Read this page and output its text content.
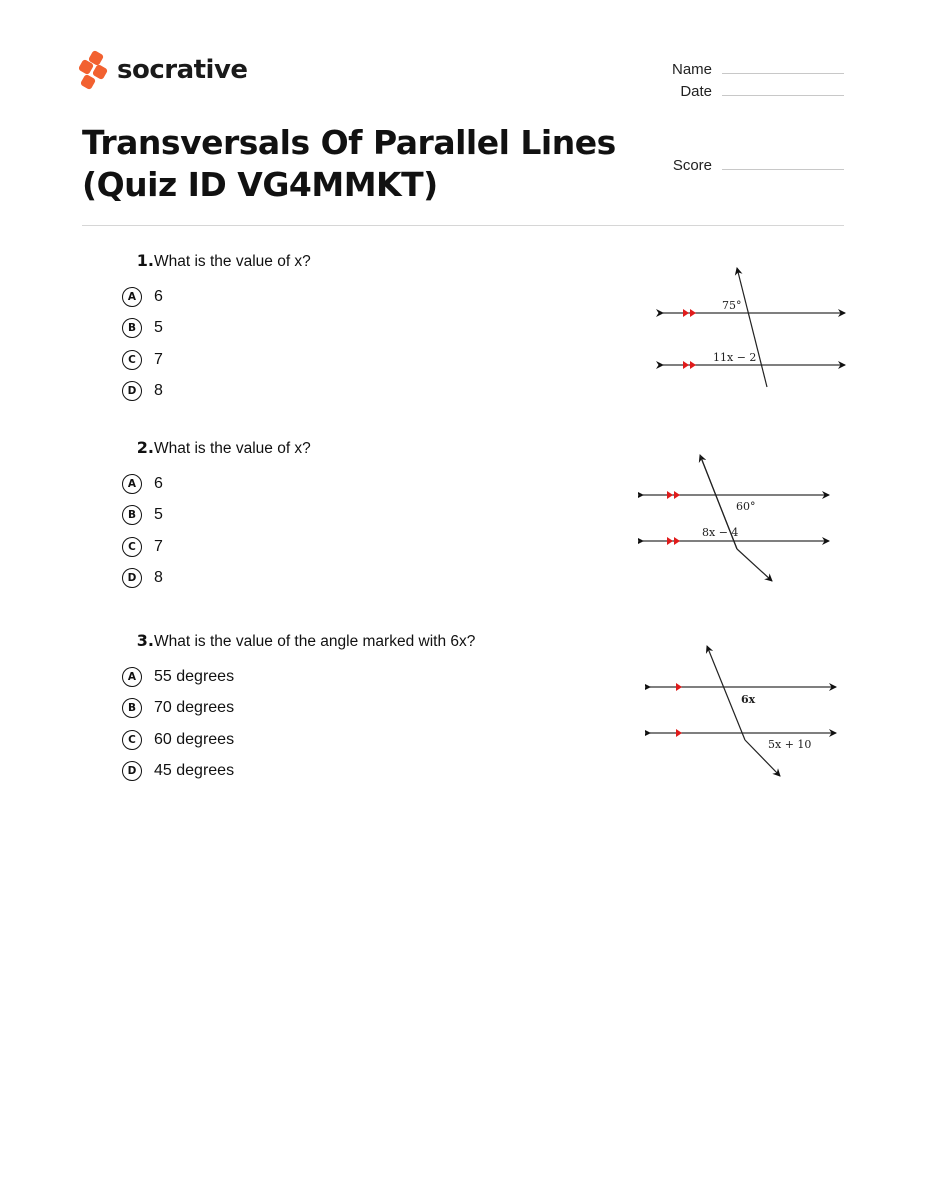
socrative	Name
Date
Score
Transversals Of Parallel Lines
(Quiz ID VG4MMKT)
1. What is the value of x?
A	6
B	5
C	7
D	8
75°
11x − 2
2. What is the value of x?
A	6
B	5
C	7
D	8
60°
8x − 4
3. What is the value of the angle marked with 6x?
A	55 degrees
B	70 degrees
C	60 degrees
D	45 degrees
6x
5x + 10
